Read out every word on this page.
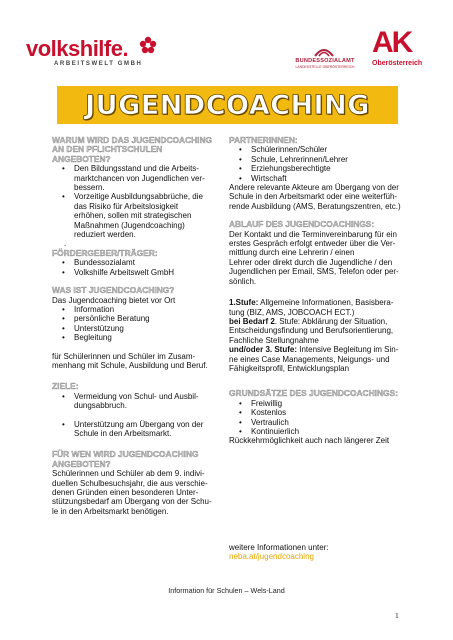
volkshilfe.
ARBEITSWELT GMBH	BUNDESSOZIALAMT
LANDESSTELLE OBERÖSTERREICH
AK
Oberösterreich
JUGENDCOACHING
WARUM WIRD DAS JUGENDCOACHING
AN DEN PFLICHTSCHULEN
ANGEBOTEN?
• Den Bildungsstand und die Arbeits-
marktchancen von Jugendlichen ver-
bessern.
• Vorzeitige Ausbildungsabbrüche, die
das Risiko für Arbeitslosigkeit
erhöhen, sollen mit strategischen
Maßnahmen (Jugendcoaching)
reduziert werden.
.
FÖRDERGEBER/TRÄGER:
• Bundessozialamt
• Volkshilfe Arbeitswelt GmbH
WAS IST JUGENDCOACHING?
Das Jugendcoaching bietet vor Ort
• Information
• persönliche Beratung
• Unterstützung
• Begleitung
für Schülerinnen und Schüler im Zusam-
menhang mit Schule, Ausbildung und Beruf.
ZIELE:
• Vermeidung von Schul- und Ausbil-
dungsabbruch.
• Unterstützung am Übergang von der
Schule in den Arbeitsmarkt.
FÜR WEN WIRD JUGENDCOACHING
ANGEBOTEN?
Schülerinnen und Schüler ab dem 9. indivi-
duellen Schulbesuchsjahr, die aus verschie-
denen Gründen einen besonderen Unter-
stützungsbedarf am Übergang von der Schu-
le in den Arbeitsmarkt benötigen.
PARTNERINNEN:
• Schülerinnen/Schüler
• Schule, Lehrerinnen/Lehrer
• Erziehungsberechtigte
• Wirtschaft
Andere relevante Akteure am Übergang von der
Schule in den Arbeitsmarkt oder eine weiterfüh-
rende Ausbildung (AMS, Beratungszentren, etc.)
ABLAUF DES JUGENDCOACHINGS:
Der Kontakt und die Terminvereinbarung für ein
erstes Gespräch erfolgt entweder über die Ver-
mittlung durch eine Lehrerin / einen
Lehrer oder direkt durch die Jugendliche / den
Jugendlichen per Email, SMS, Telefon oder per-
sönlich.
1.Stufe: Allgemeine Informationen, Basisbera-
tung (BIZ, AMS, JOBCOACH ECT.)
bei Bedarf 2. Stufe: Abklärung der Situation,
Entscheidungsfindung und Berufsorientierung,
Fachliche Stellungnahme
und/oder 3. Stufe: Intensive Begleitung im Sin-
ne eines Case Managements, Neigungs- und
Fähigkeitsprofil, Entwicklungsplan
GRUNDSÄTZE DES JUGENDCOACHINGS:
• Freiwillig
• Kostenlos
• Vertraulich
• Kontinuierlich
Rückkehrmöglichkeit auch nach längerer Zeit
weitere Informationen unter:
neba.at/jugendcoaching
Information für Schulen – Wels-Land
1
